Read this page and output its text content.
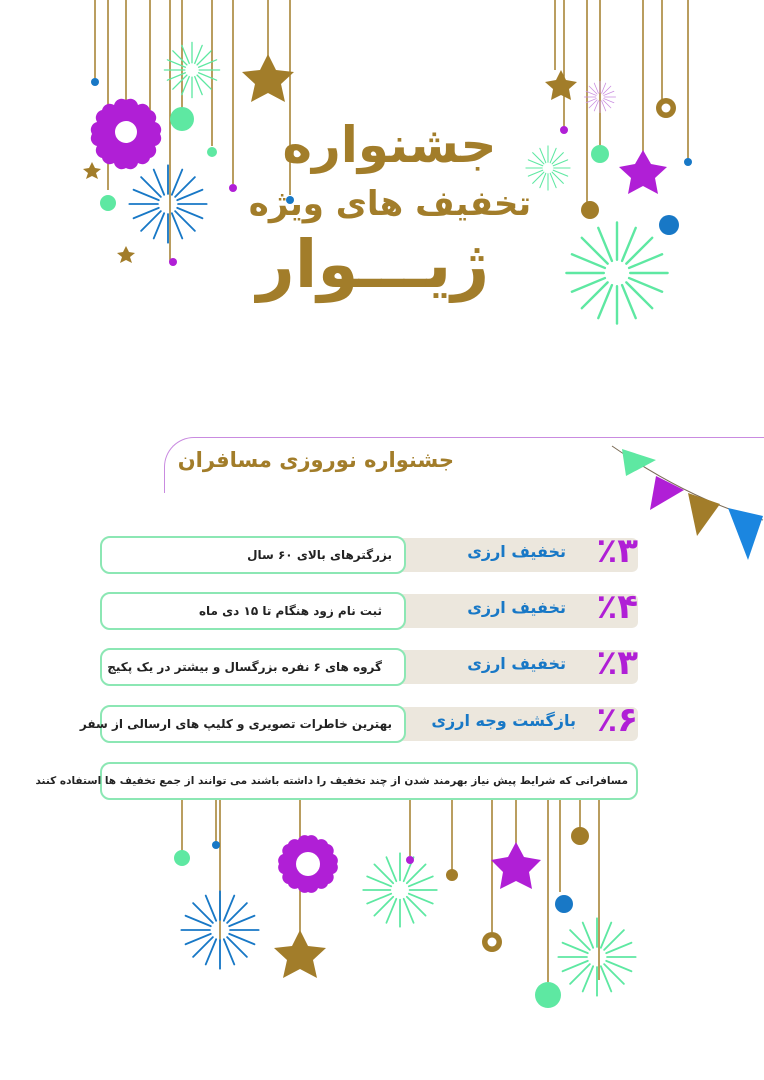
جشنواره
تخفیف های ویژه
ژیـــوار
جشنواره نوروزی مسافران
بزرگترهای بالای ۶۰ سال	تخفیف ارزی ٪۳
ثبت نام زود هنگام تا ۱۵ دی ماه	تخفیف ارزی ٪۴
گروه های ۶ نفره بزرگسال و بیشتر در یک پکیج	تخفیف ارزی ٪۳
بهترین خاطرات تصویری و کلیپ های ارسالی از سفر	بازگشت وجه ارزی ٪۶
مسافرانی که شرایط پیش نیاز بهرمند شدن از چند تخفیف را داشته باشند می توانند از جمع تخفیف ها استفاده کنند
